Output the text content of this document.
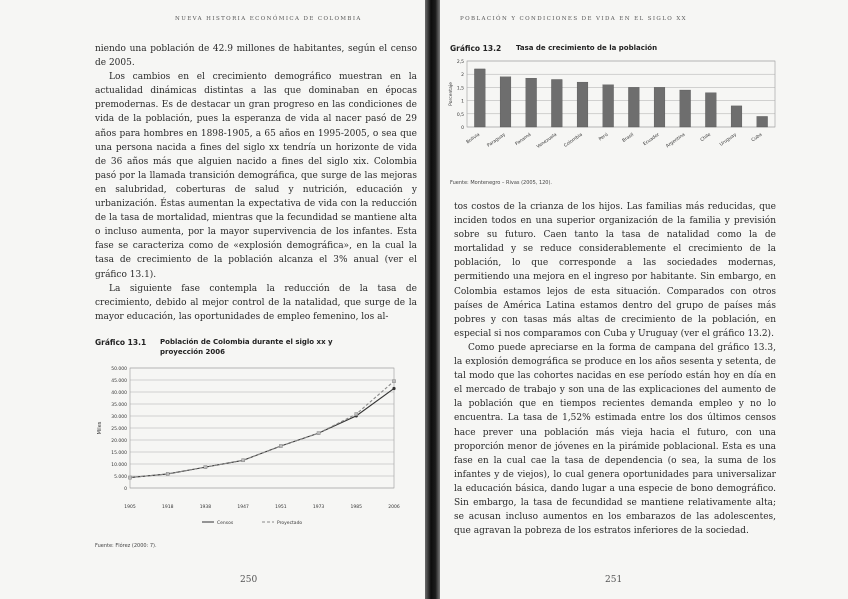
NUEVA HISTORIA ECONÓMICA DE COLOMBIA

niendo una población de 42.9 millones de habitantes, según el censo de 2005.

Los cambios en el crecimiento demográfico muestran en la actualidad dinámicas distintas a las que dominaban en épocas premodernas. Es de destacar un gran progreso en las condiciones de vida de la población, pues la esperanza de vida al nacer pasó de 29 años para hombres en 1898-1905, a 65 años en 1995-2005, o sea que una persona nacida a fines del siglo xx tendría un horizonte de vida de 36 años más que alguien nacido a fines del siglo xix. Colombia pasó por la llamada transición demográfica, que surge de las mejoras en salubridad, coberturas de salud y nutrición, educación y urbanización. Éstas aumentan la expectativa de vida con la reducción de la tasa de mortalidad, mientras que la fecundidad se mantiene alta o incluso aumenta, por la mayor supervivencia de los infantes. Esta fase se caracteriza como de «explosión demográfica», en la cual la tasa de crecimiento de la población alcanza el 3% anual (ver el gráfico 13.1).

La siguiente fase contempla la reducción de la tasa de crecimiento, debido al mejor control de la natalidad, que surge de la mayor educación, las oportunidades de empleo femenino, los al-

Gráfico 13.1 Población de Colombia durante el siglo xx y proyección 2006
0
5.000
10.000
15.000
20.000
25.000
30.000
35.000
40.000
45.000
50.000
Miles
1905	1918	1938	1947	1951	1973	1985	2006
Censos	Proyectado
Fuente: Flórez (2000: 7).
250
POBLACIÓN Y CONDICIONES DE VIDA EN EL SIGLO XX
Gráfico 13.2 Tasa de crecimiento de la población
0
0,5
1
1,5
2
2,5
Porcentaje
Bolivia Paraguay Panamá Venezuela Colombia	Perú	Brasil Ecuador Argentina	Chile Uruguay	Cuba
Fuente: Montenegro – Rivas (2005, 120).

tos costos de la crianza de los hijos. Las familias más reducidas, que inciden todos en una superior organización de la familia y previsión sobre su futuro. Caen tanto la tasa de natalidad como la de mortalidad y se reduce considerablemente el crecimiento de la población, lo que corresponde a las sociedades modernas, permitiendo una mejora en el ingreso por habitante. Sin embargo, en Colombia estamos lejos de esta situación. Comparados con otros países de América Latina estamos dentro del grupo de países más pobres y con tasas más altas de crecimiento de la población, en especial si nos comparamos con Cuba y Uruguay (ver el gráfico 13.2).

Como puede apreciarse en la forma de campana del gráfico 13.3, la explosión demográfica se produce en los años sesenta y setenta, de tal modo que las cohortes nacidas en ese período están hoy en día en el mercado de trabajo y son una de las explicaciones del aumento de la población que en tiempos recientes demanda empleo y no lo encuentra. La tasa de 1,52% estimada entre los dos últimos censos hace prever una población más vieja hacia el futuro, con una proporción menor de jóvenes en la pirámide poblacional. Esta es una fase en la cual cae la tasa de dependencia (o sea, la suma de los infantes y de viejos), lo cual genera oportunidades para universalizar la educación básica, dando lugar a una especie de bono demográfico. Sin embargo, la tasa de fecundidad se mantiene relativamente alta; se acusan incluso aumentos en los embarazos de las adolescentes, que agravan la pobreza de los estratos inferiores de la sociedad.

251
